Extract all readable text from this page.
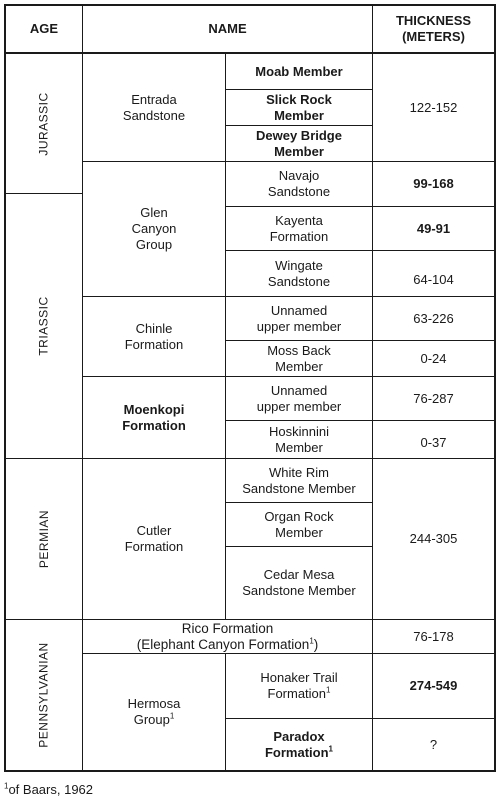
AGE	NAME
THICKNESS
(METERS)
JURASSIC
TRIASSIC
PERMIAN
PENNSYLVANIAN
Entrada
Sandstone
Glen
Canyon
Group
Chinle
Formation
Moenkopi
Formation
Cutler
Formation
Rico Formation
(Elephant Canyon Formation$^1$)
Hermosa
Group$^1$
Moab Member
Slick Rock
Member
Dewey Bridge
Member
Navajo
Sandstone
Kayenta
Formation
Wingate
Sandstone
Unnamed
upper member
Moss Back
Member
Unnamed
upper member
Hoskinnini
Member
White Rim
Sandstone Member
Organ Rock
Member
Cedar Mesa
Sandstone Member
Honaker Trail
Formation$^1$
Paradox
Formation$^1$
122-152
99-168
49-91
64-104
63-226
0-24
76-287
0-37
244-305
76-178
274-549
?
$^1$of Baars, 1962
